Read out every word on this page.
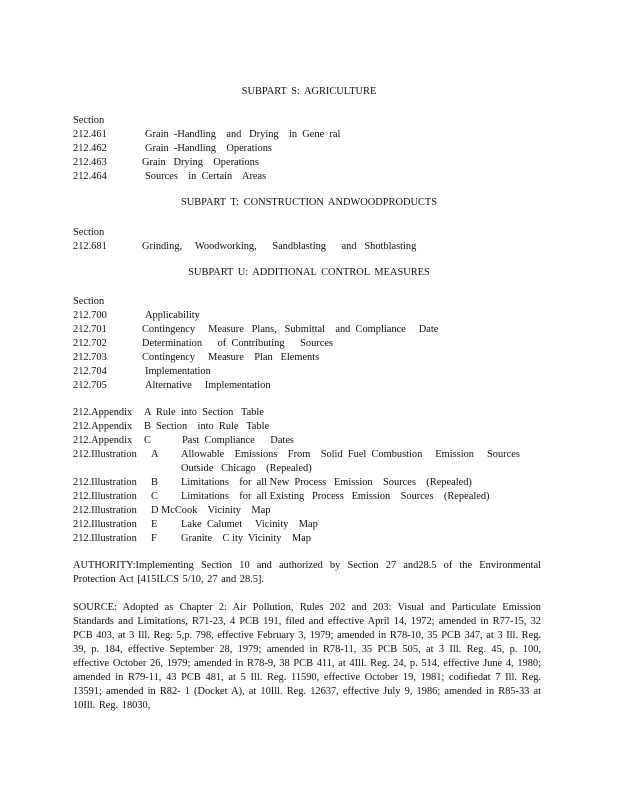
SUBPART S: AGRICULTURE
Section
212.461	Grain  -Handling    and   Drying    in  Gene  ral
212.462	Grain  -Handling    Operations
212.463	Grain   Drying    Operations
212.464	Sources    in  Certain    Areas
SUBPART T: CONSTRUCTION ANDWOODPRODUCTS
Section
212.681	Grinding,     Woodworking,      Sandblasting      and   Shotblasting
SUBPART U: ADDITIONAL CONTROL MEASURES
Section
212.700	Applicability
212.701	Contingency     Measure   Plans,   Submittal    and  Compliance     Date
212.702	Determination      of  Contributing      Sources
212.703	Contingency     Measure    Plan   Elements
212.704	Implementation
212.705	Alternative     Implementation
212.Appendix A Rule  into  Section   Table
212.Appendix B Section    into  Rule   Table
212.Appendix C	Past  Compliance      Dates
212.Illustration A Allowable    Emissions    From    Solid  Fuel  Combustion     Emission     Sources
Outside   Chicago    (Repealed)
212.Illustration B Limitations    for  all New  Process   Emission    Sources    (Repealed)
212.Illustration C Limitations    for  all Existing   Process   Emission    Sources    (Repealed)
212.Illustration D McCook    Vicinity    Map
212.Illustration E Lake  Calumet     Vicinity    Map
212.Illustration F Granite    C ity  Vicinity    Map
AUTHORITY:Implementing Section 10 and authorized by Section 27 and28.5 of the Environmental Protection Act [415ILCS 5/10, 27 and 28.5].
SOURCE: Adopted as Chapter 2: Air Pollution, Rules 202 and 203: Visual and Particulate Emission Standards and Limitations, R71-23, 4 PCB 191, filed and effective April 14, 1972; amended in R77-15, 32 PCB 403, at 3 Ill. Reg. 5,p. 798, effective February 3, 1979; amended in R78-10, 35 PCB 347, at 3 Ill. Reg. 39, p. 184, effective September 28, 1979; amended in R78-11, 35 PCB 505, at 3 Ill. Reg. 45, p. 100, effective October 26, 1979; amended in R78-9, 38 PCB 411, at 4Ill. Reg. 24, p. 514, effective June 4, 1980; amended in R79-11, 43 PCB 481, at 5 Ill. Reg. 11590, effective October 19, 1981; codifiedat 7 Ill. Reg. 13591; amended in R82- 1 (Docket A), at 10Ill. Reg. 12637, effective July 9, 1986; amended in R85-33 at 10Ill. Reg. 18030,
